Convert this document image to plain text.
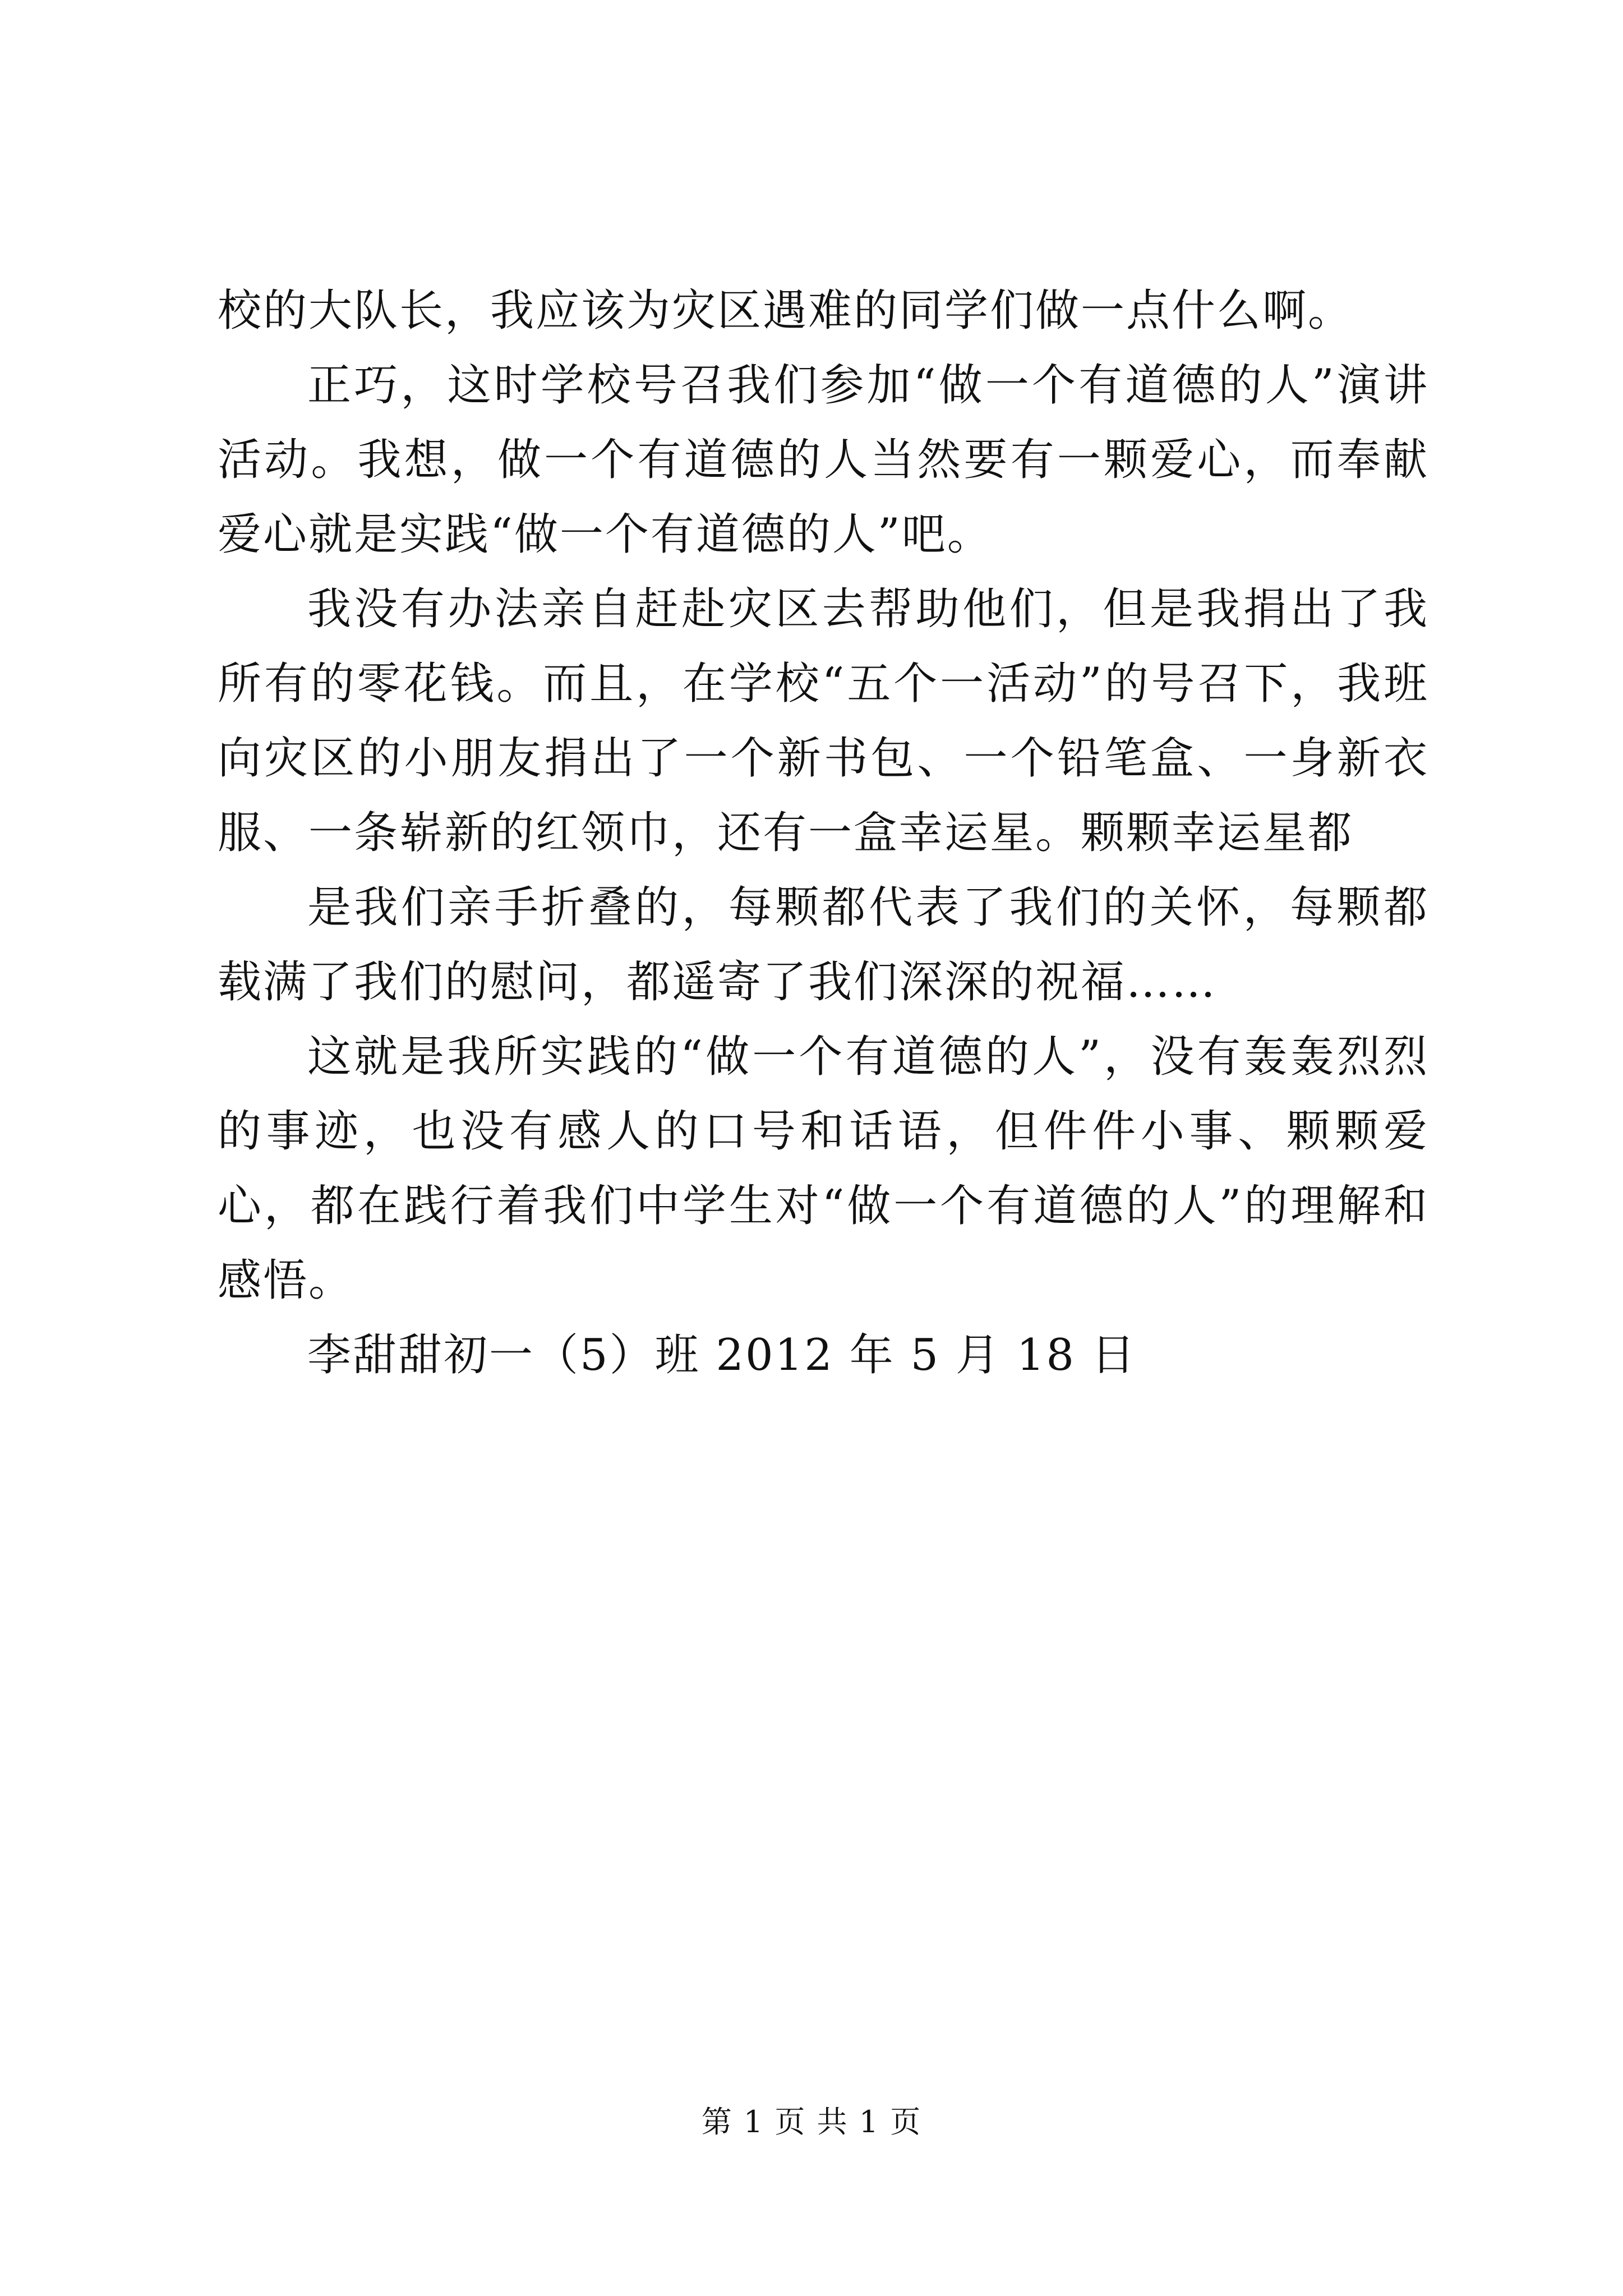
校的大队长，我应该为灾区遇难的同学们做一点什么啊。

正巧，这时学校号召我们参加“做一个有道德的人”演讲活动。我想，做一个有道德的人当然要有一颗爱心，而奉献爱心就是实践“做一个有道德的人”吧。

我没有办法亲自赶赴灾区去帮助他们，但是我捐出了我所有的零花钱。而且，在学校“五个一活动”的号召下，我班向灾区的小朋友捐出了一个新书包、一个铅笔盒、一身新衣服、一条崭新的红领巾，还有一盒幸运星。颗颗幸运星都

是我们亲手折叠的，每颗都代表了我们的关怀，每颗都载满了我们的慰问，都遥寄了我们深深的祝福……

这就是我所实践的“做一个有道德的人”，没有轰轰烈烈的事迹，也没有感人的口号和话语，但件件小事、颗颗爱心，都在践行着我们中学生对“做一个有道德的人”的理解和感悟。

李甜甜初一（5）班 2012 年 5 月 18 日

第 1 页 共 1 页
